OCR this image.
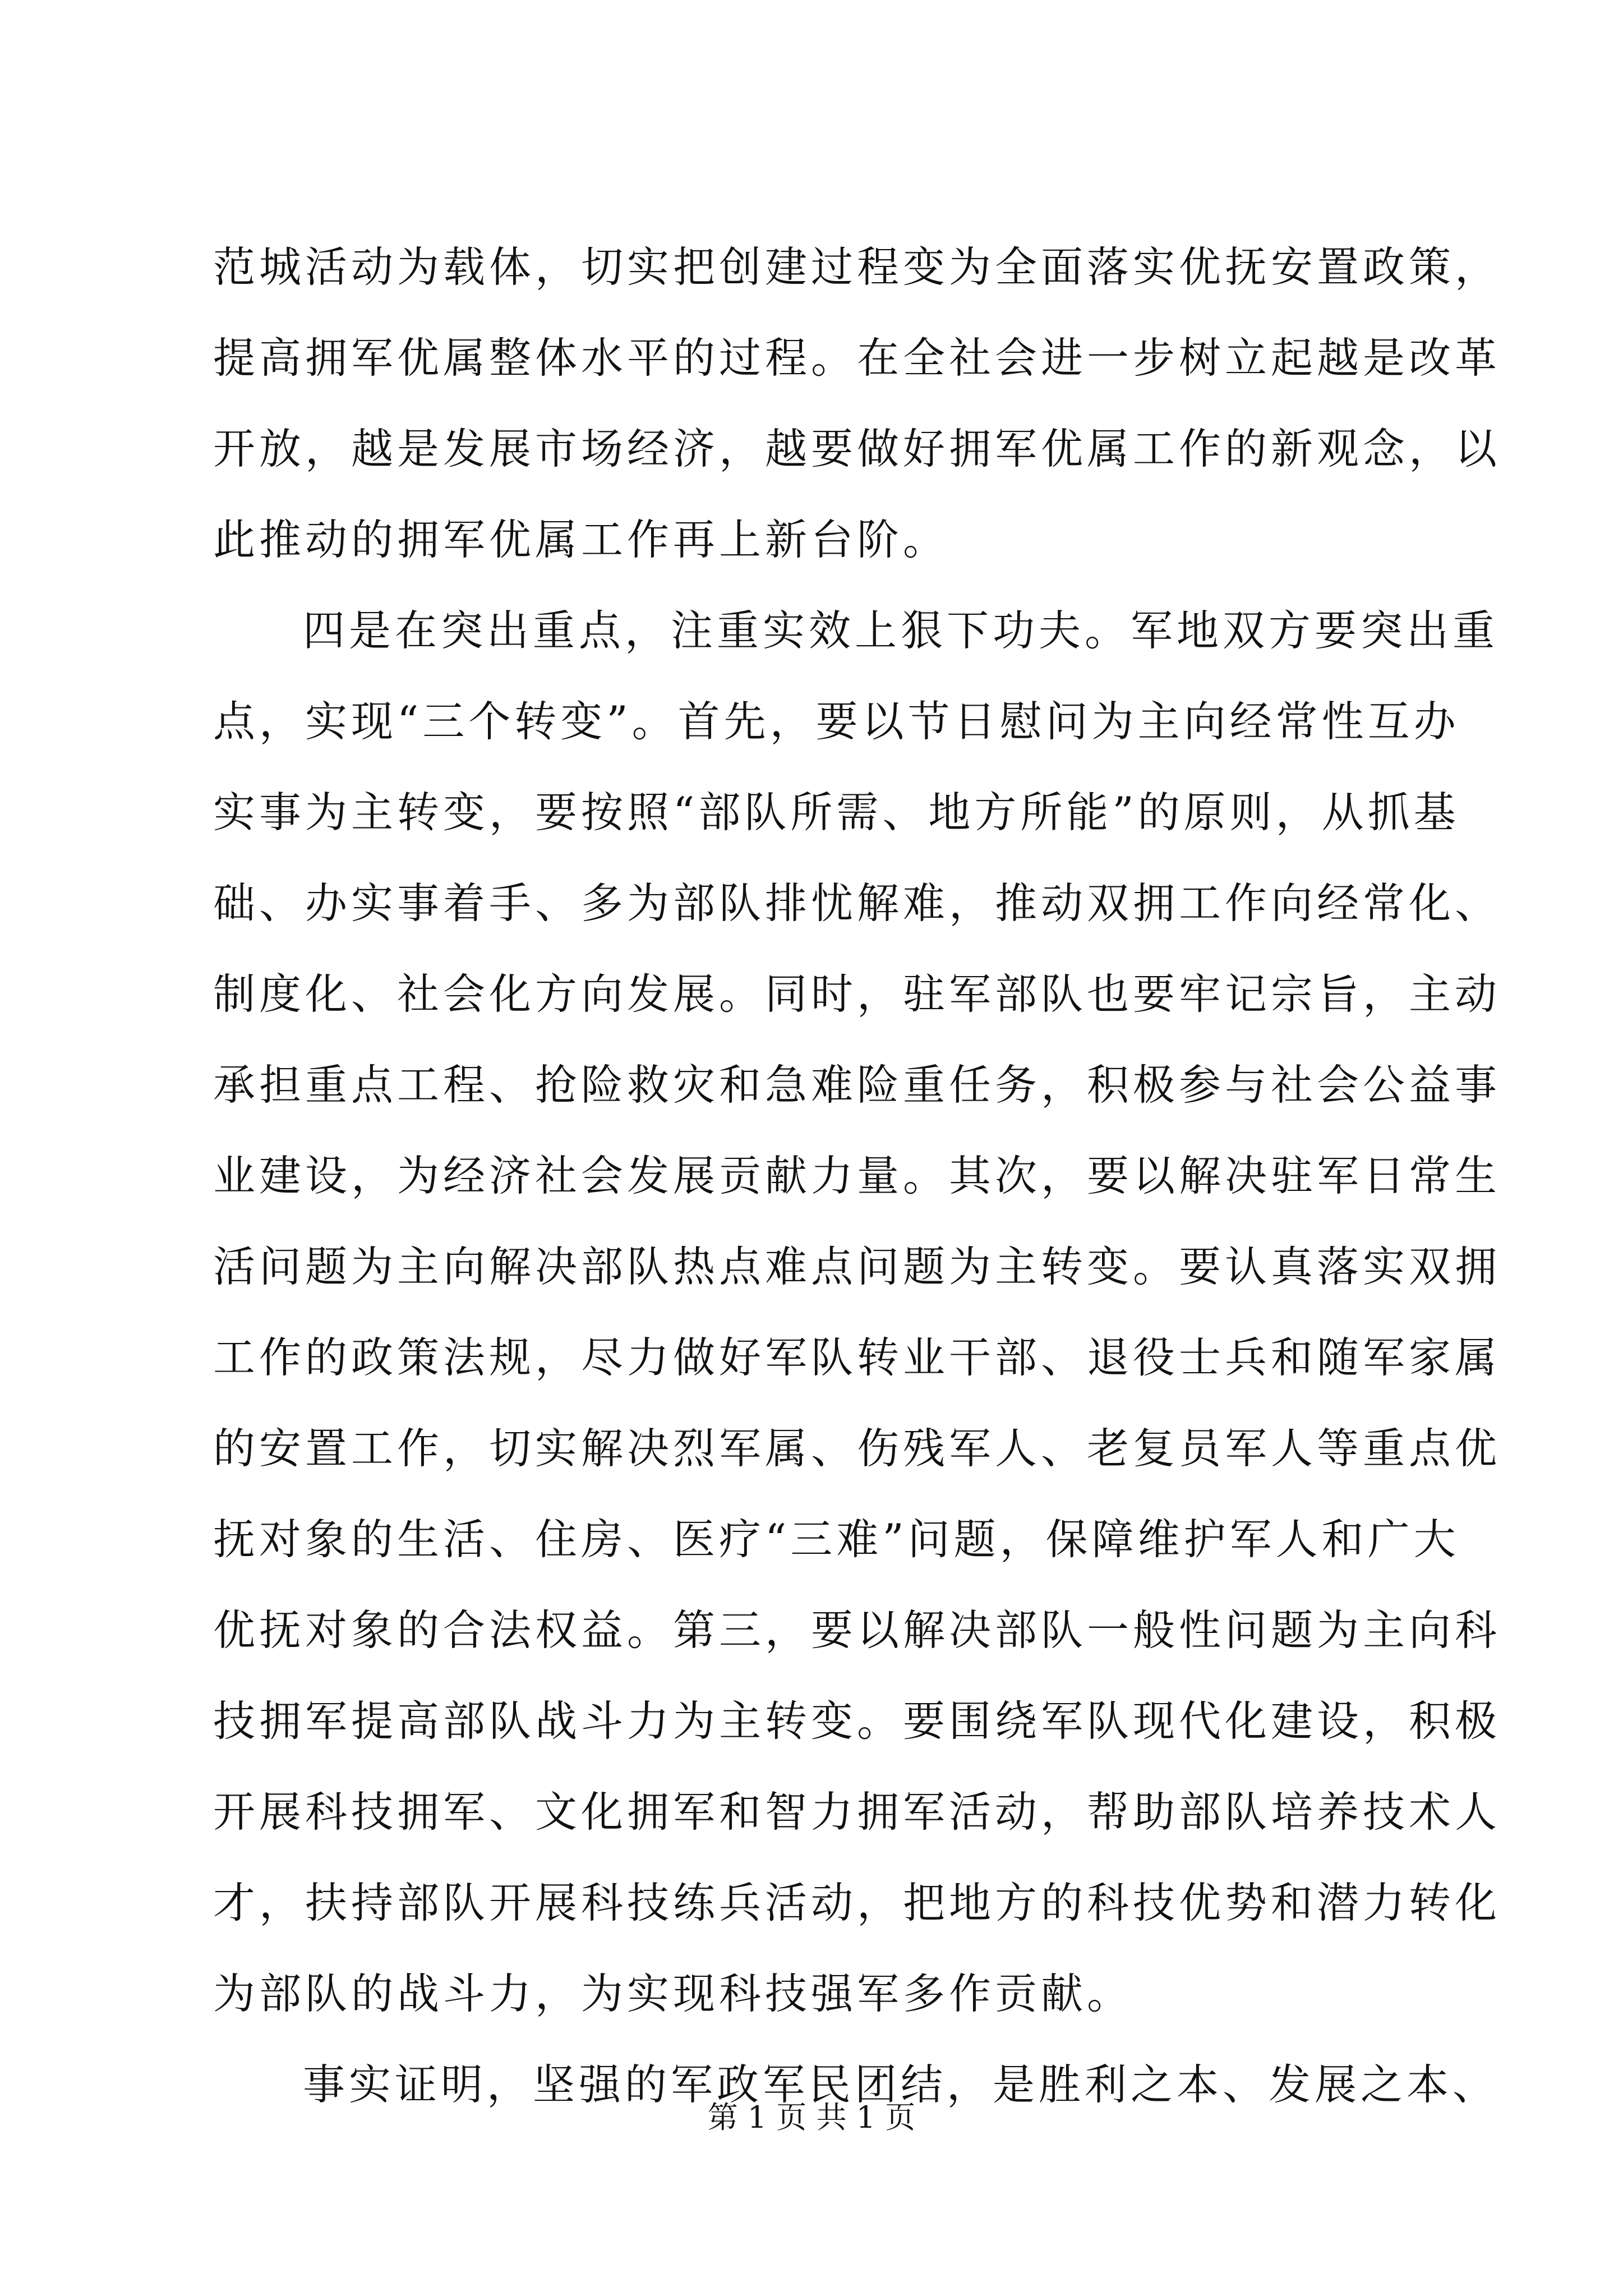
范城活动为载体，切实把创建过程变为全面落实优抚安置政策，
提高拥军优属整体水平的过程。在全社会进一步树立起越是改革
开放，越是发展市场经济，越要做好拥军优属工作的新观念，以
此推动的拥军优属工作再上新台阶。
四是在突出重点，注重实效上狠下功夫。军地双方要突出重
点，实现“三个转变”。首先，要以节日慰问为主向经常性互办
实事为主转变，要按照“部队所需、地方所能”的原则，从抓基
础、办实事着手、多为部队排忧解难，推动双拥工作向经常化、
制度化、社会化方向发展。同时，驻军部队也要牢记宗旨，主动
承担重点工程、抢险救灾和急难险重任务，积极参与社会公益事
业建设，为经济社会发展贡献力量。其次，要以解决驻军日常生
活问题为主向解决部队热点难点问题为主转变。要认真落实双拥
工作的政策法规，尽力做好军队转业干部、退役士兵和随军家属
的安置工作，切实解决烈军属、伤残军人、老复员军人等重点优
抚对象的生活、住房、医疗“三难”问题，保障维护军人和广大
优抚对象的合法权益。第三，要以解决部队一般性问题为主向科
技拥军提高部队战斗力为主转变。要围绕军队现代化建设，积极
开展科技拥军、文化拥军和智力拥军活动，帮助部队培养技术人
才，扶持部队开展科技练兵活动，把地方的科技优势和潜力转化
为部队的战斗力，为实现科技强军多作贡献。
事实证明，坚强的军政军民团结，是胜利之本、发展之本、
第 1 页 共 1 页
